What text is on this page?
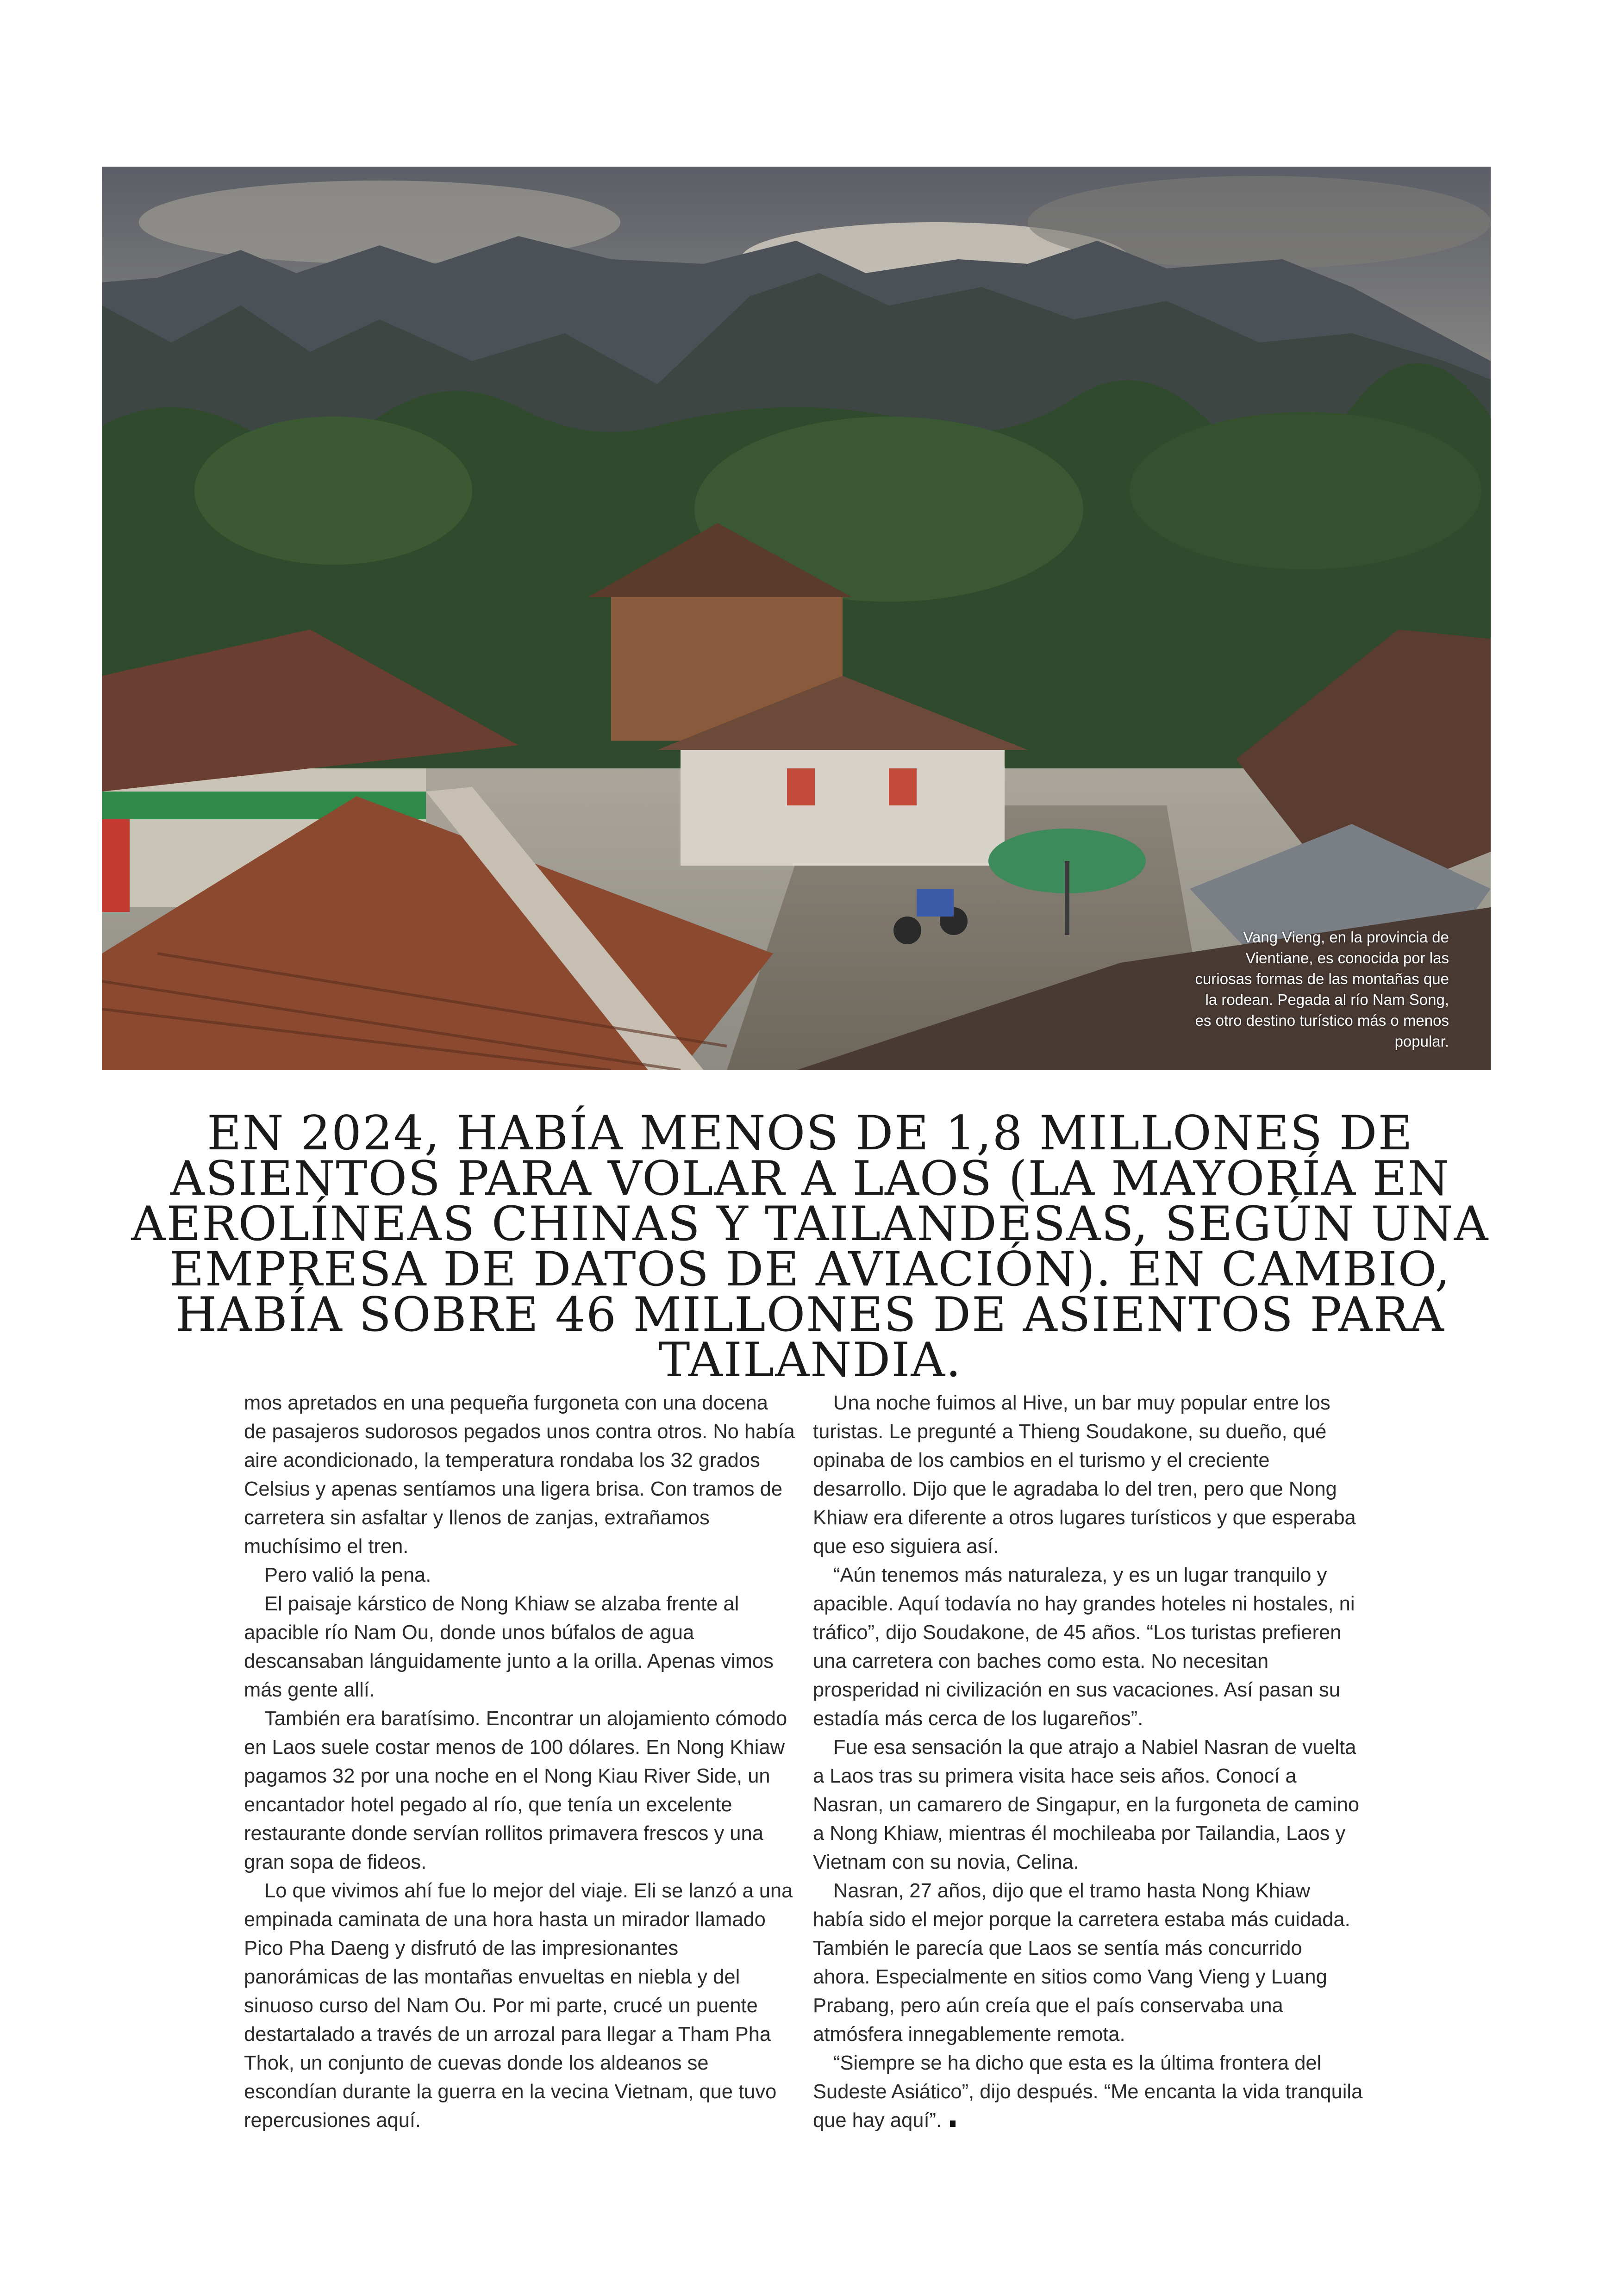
Vang Vieng, en la provincia de Vientiane, es conocida por las curiosas formas de las montañas que la rodean. Pegada al río Nam Song, es otro destino turístico más o menos popular.
EN 2024, HABÍA MENOS DE 1,8 MILLONES DE ASIENTOS PARA VOLAR A LAOS (LA MAYORÍA EN AEROLÍNEAS CHINAS Y TAILANDESAS, SEGÚN UNA EMPRESA DE DATOS DE AVIACIÓN). EN CAMBIO, HABÍA SOBRE 46 MILLONES DE ASIENTOS PARA TAILANDIA.

mos apretados en una pequeña furgoneta con una docena de pasajeros sudorosos pegados unos contra otros. No había aire acondicionado, la temperatura rondaba los 32 grados Celsius y apenas sentíamos una ligera brisa. Con tramos de carretera sin asfaltar y llenos de zanjas, extrañamos muchísimo el tren.

Pero valió la pena.

El paisaje kárstico de Nong Khiaw se alzaba frente al apacible río Nam Ou, donde unos búfalos de agua descansaban lánguidamente junto a la orilla. Apenas vimos más gente allí.

También era baratísimo. Encontrar un alojamiento cómodo en Laos suele costar menos de 100 dólares. En Nong Khiaw pagamos 32 por una noche en el Nong Kiau River Side, un encantador hotel pegado al río, que tenía un excelente restaurante donde servían rollitos primavera frescos y una gran sopa de fideos.

Lo que vivimos ahí fue lo mejor del viaje. Eli se lanzó a una empinada caminata de una hora hasta un mirador llamado Pico Pha Daeng y disfrutó de las impresionantes panorámicas de las montañas envueltas en niebla y del sinuoso curso del Nam Ou. Por mi parte, crucé un puente destartalado a través de un arrozal para llegar a Tham Pha Thok, un conjunto de cuevas donde los aldeanos se escondían durante la guerra en la vecina Vietnam, que tuvo repercusiones aquí.

Una noche fuimos al Hive, un bar muy popular entre los turistas. Le pregunté a Thieng Soudakone, su dueño, qué opinaba de los cambios en el turismo y el creciente desarrollo. Dijo que le agradaba lo del tren, pero que Nong Khiaw era diferente a otros lugares turísticos y que esperaba que eso siguiera así.

“Aún tenemos más naturaleza, y es un lugar tranquilo y apacible. Aquí todavía no hay grandes hoteles ni hostales, ni tráfico”, dijo Soudakone, de 45 años. “Los turistas prefieren una carretera con baches como esta. No necesitan prosperidad ni civilización en sus vacaciones. Así pasan su estadía más cerca de los lugareños”.

Fue esa sensación la que atrajo a Nabiel Nasran de vuelta a Laos tras su primera visita hace seis años. Conocí a Nasran, un camarero de Singapur, en la furgoneta de camino a Nong Khiaw, mientras él mochileaba por Tailandia, Laos y Vietnam con su novia, Celina.

Nasran, 27 años, dijo que el tramo hasta Nong Khiaw había sido el mejor porque la carretera estaba más cuidada. También le parecía que Laos se sentía más concurrido ahora. Especialmente en sitios como Vang Vieng y Luang Prabang, pero aún creía que el país conservaba una atmósfera innegablemente remota.

“Siempre se ha dicho que esta es la última frontera del Sudeste Asiático”, dijo después. “Me encanta la vida tranquila que hay aquí”.
